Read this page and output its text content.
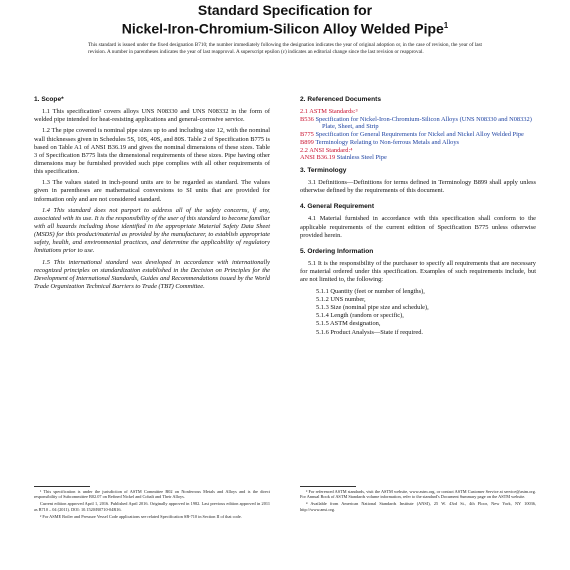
Standard Specification for
Nickel-Iron-Chromium-Silicon Alloy Welded Pipe$^1$
This standard is issued under the fixed designation B710; the number immediately following the designation indicates the year of original adoption or, in the case of revision, the year of last revision. A number in parentheses indicates the year of last reapproval. A superscript epsilon (ε) indicates an editorial change since the last revision or reapproval.
1. Scope*
1.1 This specification² covers alloys UNS N08330 and UNS N08332 in the form of welded pipe intended for heat-resisting applications and general-corrosive service.
1.2 The pipe covered is nominal pipe sizes up to and including size 12, with the nominal wall thicknesses given in Schedules 5S, 10S, 40S, and 80S. Table 2 of Specification B775 is based on Table A1 of ANSI B36.19 and gives the nominal dimensions of these sizes. Table 3 of Specification B775 lists the dimensional requirements of these sizes. Pipe having other dimensions may be furnished provided such pipe complies with all other requirements of this specification.
1.3 The values stated in inch-pound units are to be regarded as standard. The values given in parentheses are mathematical conversions to SI units that are provided for information only and are not considered standard.
1.4 This standard does not purport to address all of the safety concerns, if any, associated with its use. It is the responsibility of the user of this standard to become familiar with all hazards including those identified in the appropriate Material Safety Data Sheet (MSDS) for this product/material as provided by the manufacturer, to establish appropriate safety, health, and environmental practices, and determine the applicability of regulatory limitations prior to use.
1.5 This international standard was developed in accordance with internationally recognized principles on standardization established in the Decision on Principles for the Development of International Standards, Guides and Recommendations issued by the World Trade Organization Technical Barriers to Trade (TBT) Committee.
2. Referenced Documents
2.1 ASTM Standards:³
B536 Specification for Nickel-Iron-Chromium-Silicon Alloys (UNS N08330 and N08332) Plate, Sheet, and Strip
B775 Specification for General Requirements for Nickel and Nickel Alloy Welded Pipe
B899 Terminology Relating to Non-ferrous Metals and Alloys
2.2 ANSI Standard:⁴
ANSI B36.19 Stainless Steel Pipe
3. Terminology
3.1 Definitions—Definitions for terms defined in Terminology B899 shall apply unless otherwise defined by the requirements of this document.
4. General Requirement
4.1 Material furnished in accordance with this specification shall conform to the applicable requirements of the current edition of Specification B775 unless otherwise provided herein.
5. Ordering Information
5.1 It is the responsibility of the purchaser to specify all requirements that are necessary for material ordered under this specification. Examples of such requirements include, but are not limited to, the following:
5.1.1 Quantity (feet or number of lengths),
5.1.2 UNS number,
5.1.3 Size (nominal pipe size and schedule),
5.1.4 Length (random or specific),
5.1.5 ASTM designation,
5.1.6 Product Analysis—State if required.

¹ This specification is under the jurisdiction of ASTM Committee B02 on Nonferrous Metals and Alloys and is the direct responsibility of Subcommittee B02.07 on Refined Nickel and Cobalt and Their Alloys.

Current edition approved April 1, 2016. Published April 2016. Originally approved in 1982. Last previous edition approved in 2011 as B710 – 04 (2011). DOI: 10.1520/B0710-04R16.

² For ASME Boiler and Pressure Vessel Code applications see related Specification SB-710 in Section II of that code.

³ For referenced ASTM standards, visit the ASTM website, www.astm.org, or contact ASTM Customer Service at service@astm.org. For Annual Book of ASTM Standards volume information, refer to the standard's Document Summary page on the ASTM website.

⁴ Available from American National Standards Institute (ANSI), 25 W. 43rd St., 4th Floor, New York, NY 10036, http://www.ansi.org.
